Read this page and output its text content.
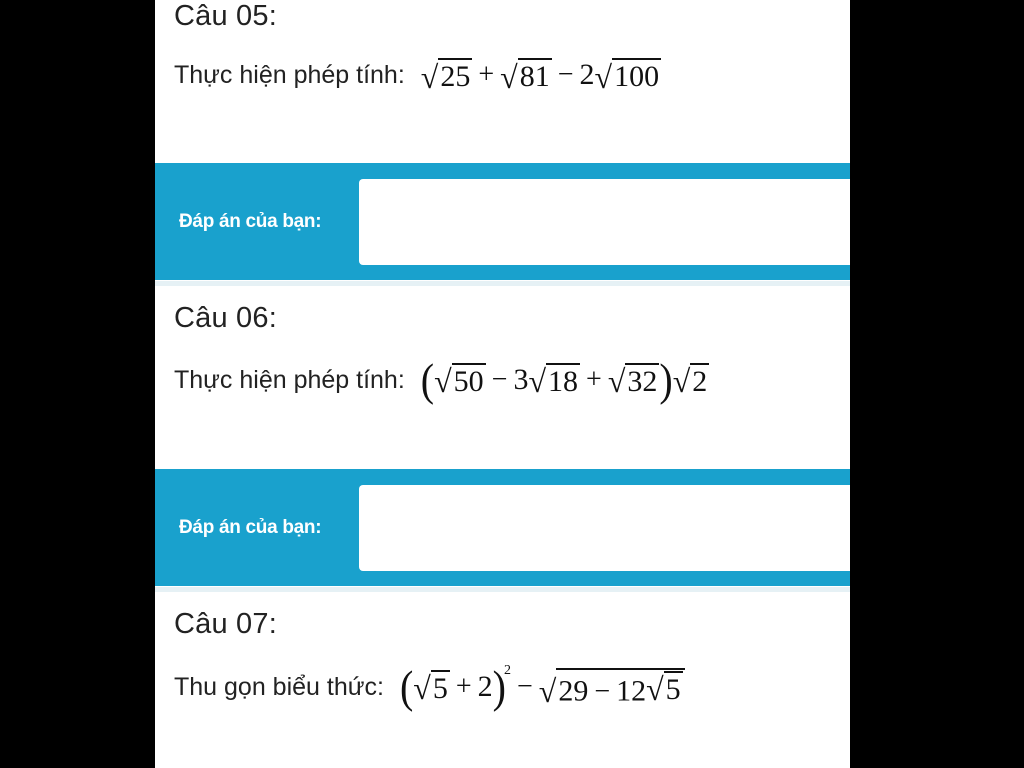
Câu 05:
Thực hiện phép tính: √ 25 + √ 81 − 2 √ 100
Đáp án của bạn:
Câu 06:
Thực hiện phép tính: ( √ 50 − 3 √ 18 + √ 32 ) √ 2
Đáp án của bạn:
Câu 07:
Thu gọn biểu thức: ( √ 5 + 2 )
2
− √ 29 − 12 √ 5
